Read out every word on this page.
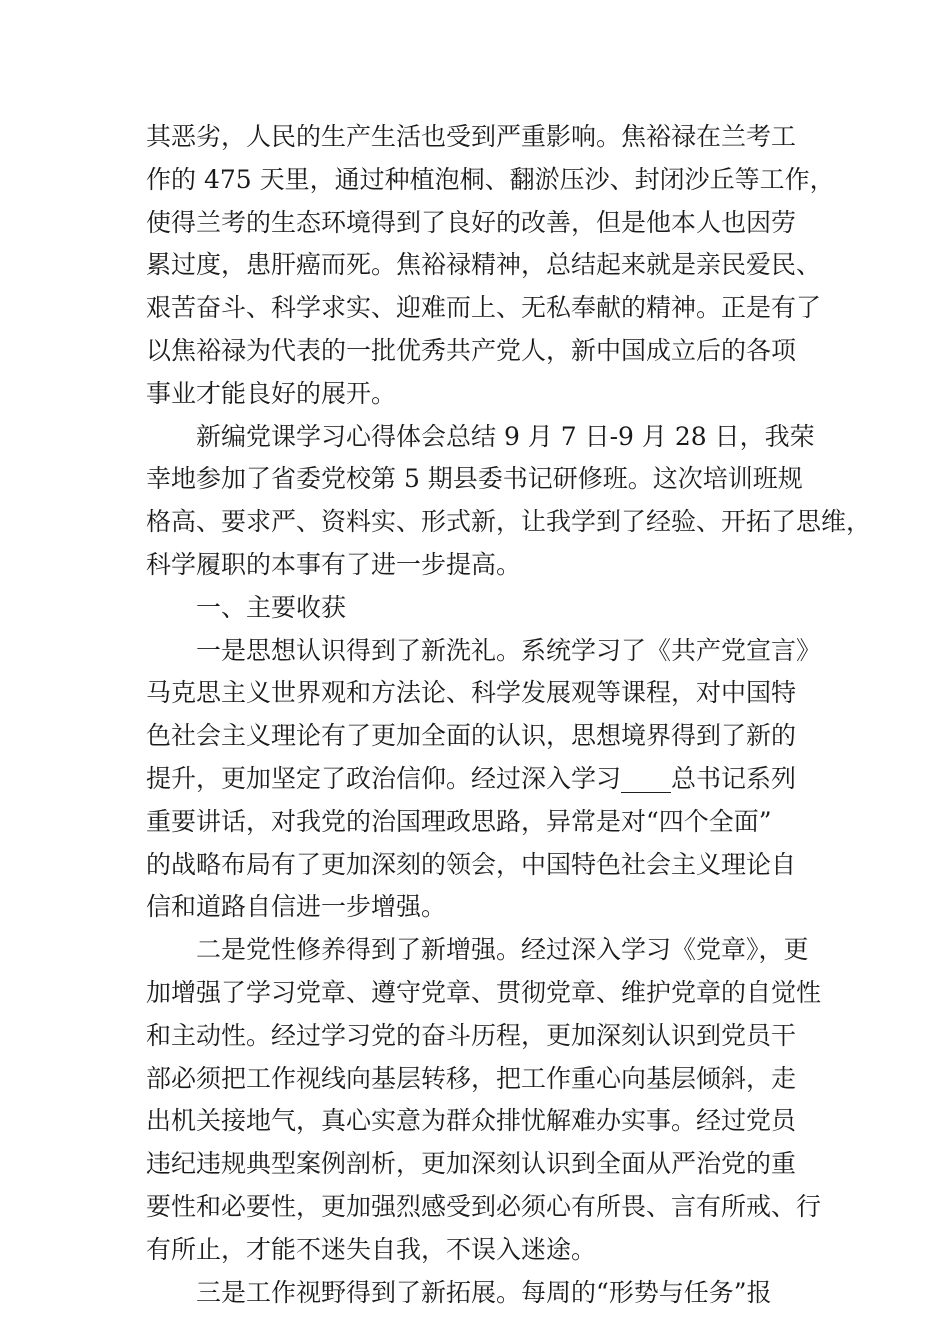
其恶劣，人民的生产生活也受到严重影响。焦裕禄在兰考工
作的 475 天里，通过种植泡桐、翻淤压沙、封闭沙丘等工作，
使得兰考的生态环境得到了良好的改善，但是他本人也因劳
累过度，患肝癌而死。焦裕禄精神，总结起来就是亲民爱民、
艰苦奋斗、科学求实、迎难而上、无私奉献的精神。正是有了
以焦裕禄为代表的一批优秀共产党人，新中国成立后的各项
事业才能良好的展开。
　　新编党课学习心得体会总结 9 月 7 日-9 月 28 日，我荣
幸地参加了省委党校第 5 期县委书记研修班。这次培训班规
格高、要求严、资料实、形式新，让我学到了经验、开拓了思维，
科学履职的本事有了进一步提高。
　　一、主要收获
　　一是思想认识得到了新洗礼。系统学习了《共产党宣言》
马克思主义世界观和方法论、科学发展观等课程，对中国特
色社会主义理论有了更加全面的认识，思想境界得到了新的
提升，更加坚定了政治信仰。经过深入学习____总书记系列
重要讲话，对我党的治国理政思路，异常是对“四个全面”
的战略布局有了更加深刻的领会，中国特色社会主义理论自
信和道路自信进一步增强。
　　二是党性修养得到了新增强。经过深入学习《党章》，更
加增强了学习党章、遵守党章、贯彻党章、维护党章的自觉性
和主动性。经过学习党的奋斗历程，更加深刻认识到党员干
部必须把工作视线向基层转移，把工作重心向基层倾斜，走
出机关接地气，真心实意为群众排忧解难办实事。经过党员
违纪违规典型案例剖析，更加深刻认识到全面从严治党的重
要性和必要性，更加强烈感受到必须心有所畏、言有所戒、行
有所止，才能不迷失自我，不误入迷途。
　　三是工作视野得到了新拓展。每周的“形势与任务”报
